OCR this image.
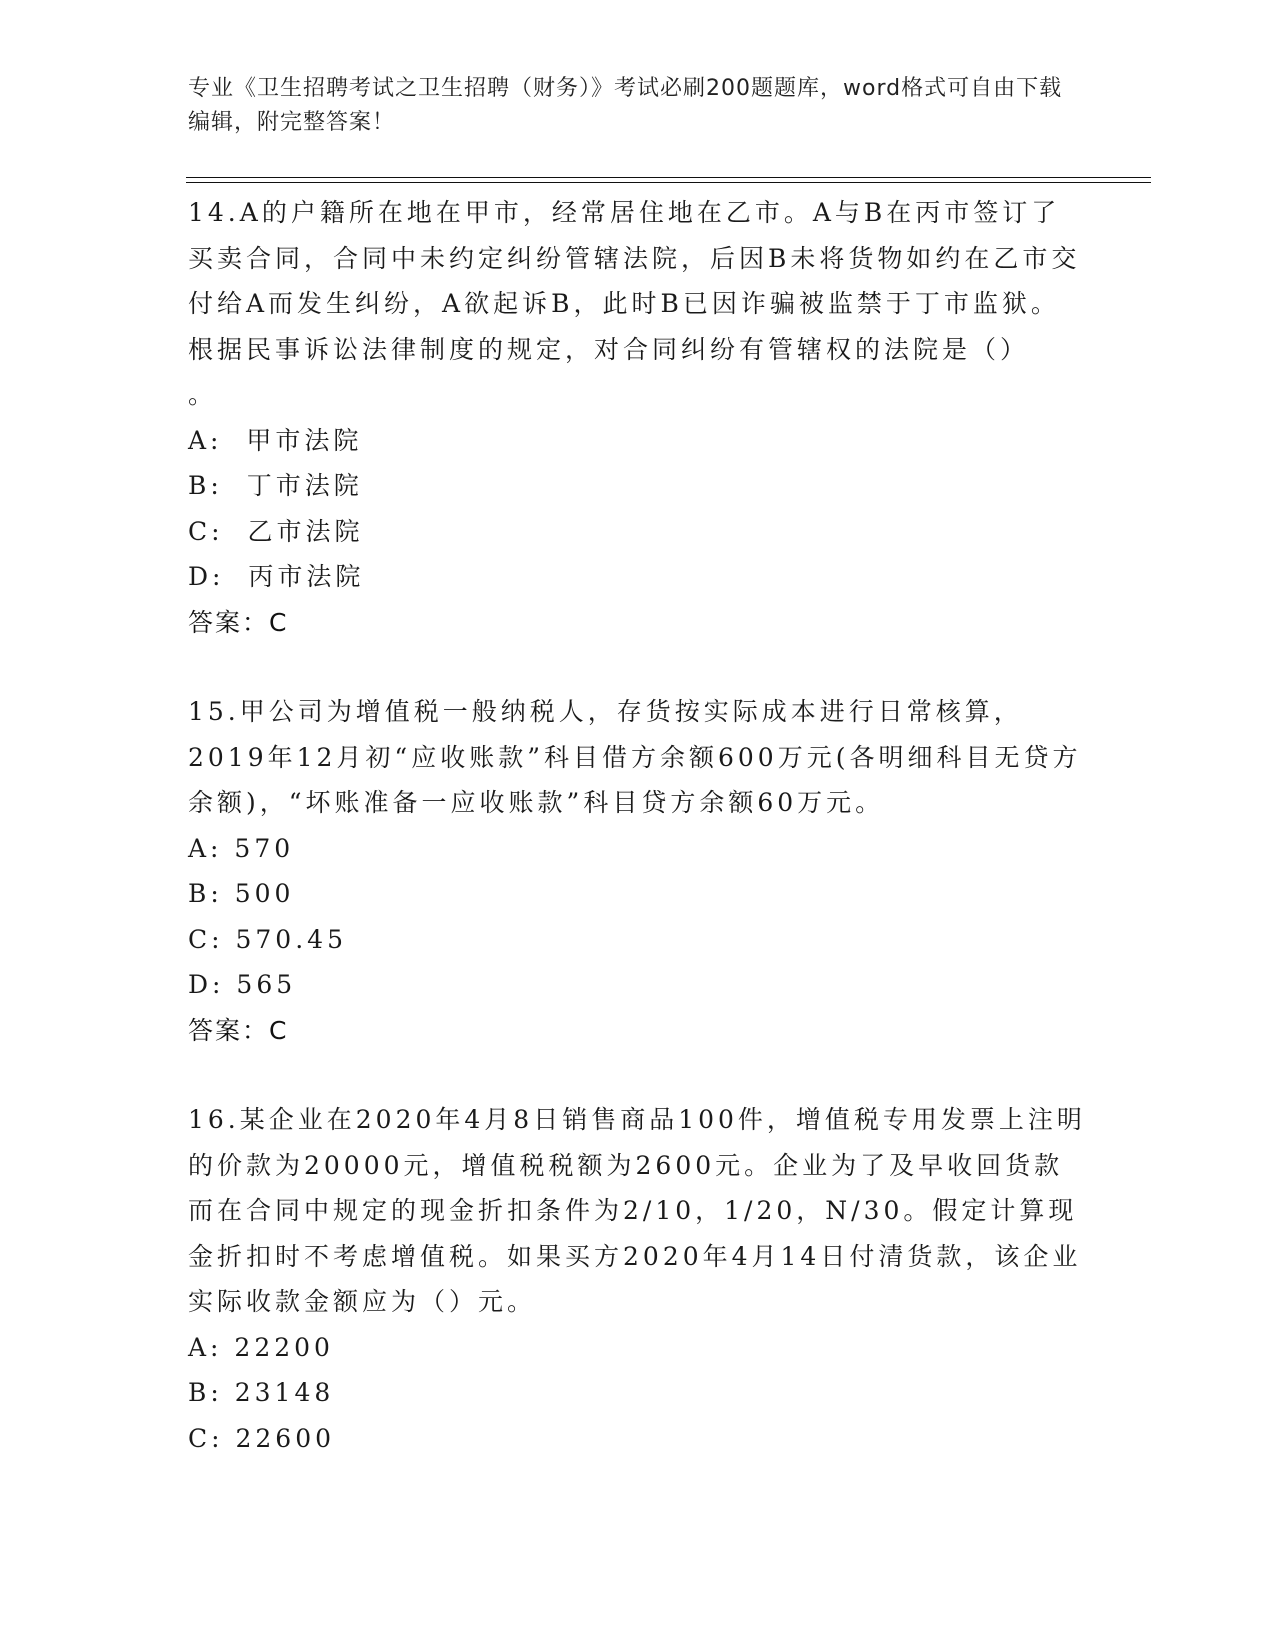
专业《卫生招聘考试之卫生招聘（财务）》考试必刷200题题库，word格式可自由下载编辑，附完整答案！

14.A的户籍所在地在甲市，经常居住地在乙市。A与B在丙市签订了买卖合同，合同中未约定纠纷管辖法院，后因B未将货物如约在乙市交付给A而发生纠纷，A欲起诉B，此时B已因诈骗被监禁于丁市监狱。根据民事诉讼法律制度的规定，对合同纠纷有管辖权的法院是（）

。

A:  甲市法院

B:  丁市法院

C:  乙市法院

D:  丙市法院

答案：C

15.甲公司为增值税一般纳税人，存货按实际成本进行日常核算，2019年12月初“应收账款”科目借方余额600万元(各明细科目无贷方余额)，“坏账准备一应收账款”科目贷方余额60万元。

A: 570

B: 500

C: 570.45

D: 565

答案：C

16.某企业在2020年4月8日销售商品100件，增值税专用发票上注明的价款为20000元，增值税税额为2600元。企业为了及早收回货款而在合同中规定的现金折扣条件为2/10，1/20，N/30。假定计算现金折扣时不考虑增值税。如果买方2020年4月14日付清货款，该企业实际收款金额应为（）元。

A: 22200

B: 23148

C: 22600
